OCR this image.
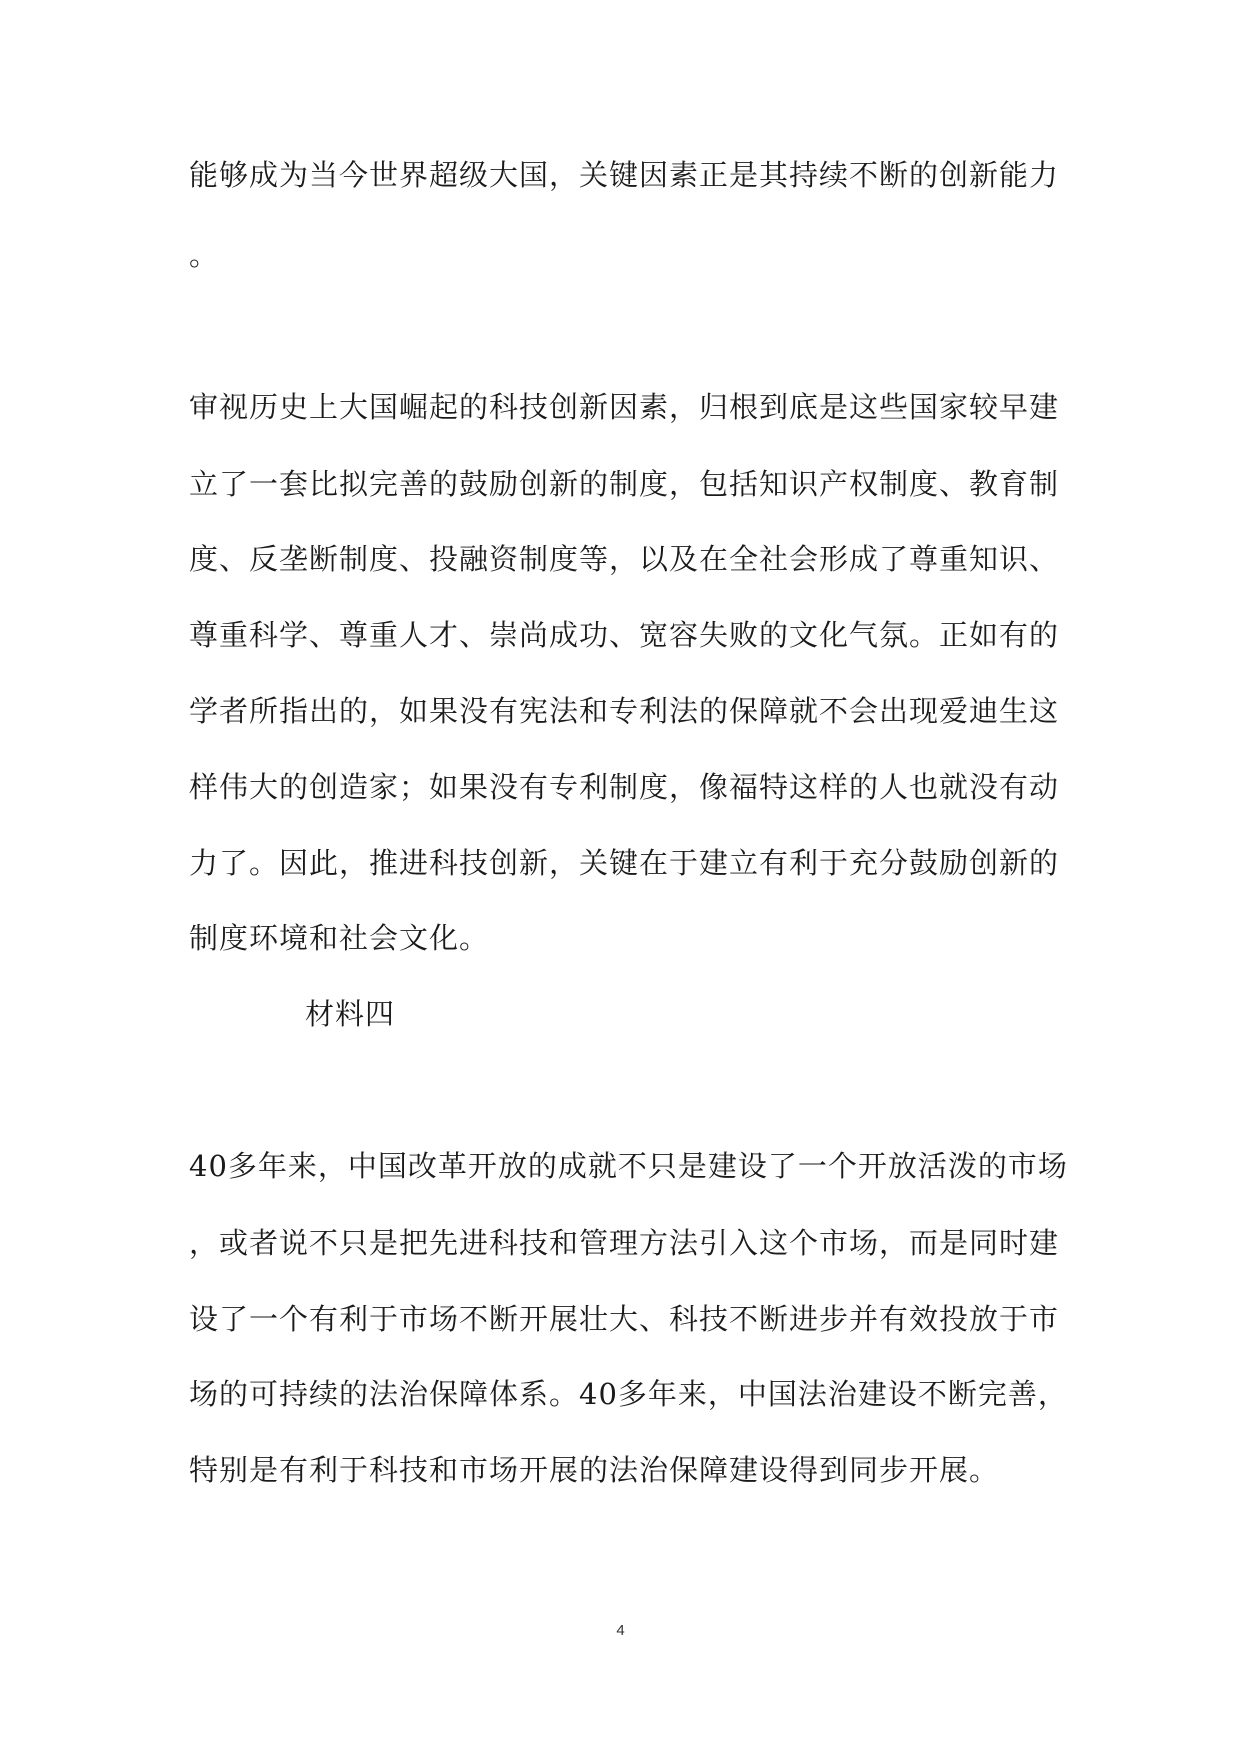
能够成为当今世界超级大国，关键因素正是其持续不断的创新能力
。
审视历史上大国崛起的科技创新因素，归根到底是这些国家较早建
立了一套比拟完善的鼓励创新的制度，包括知识产权制度、教育制
度、反垄断制度、投融资制度等，以及在全社会形成了尊重知识、
尊重科学、尊重人才、崇尚成功、宽容失败的文化气氛。正如有的
学者所指出的，如果没有宪法和专利法的保障就不会出现爱迪生这
样伟大的创造家；如果没有专利制度，像福特这样的人也就没有动
力了。因此，推进科技创新，关键在于建立有利于充分鼓励创新的
制度环境和社会文化。
材料四
40多年来，中国改革开放的成就不只是建设了一个开放活泼的市场
，或者说不只是把先进科技和管理方法引入这个市场，而是同时建
设了一个有利于市场不断开展壮大、科技不断进步并有效投放于市
场的可持续的法治保障体系。40多年来，中国法治建设不断完善，
特别是有利于科技和市场开展的法治保障建设得到同步开展。
4
